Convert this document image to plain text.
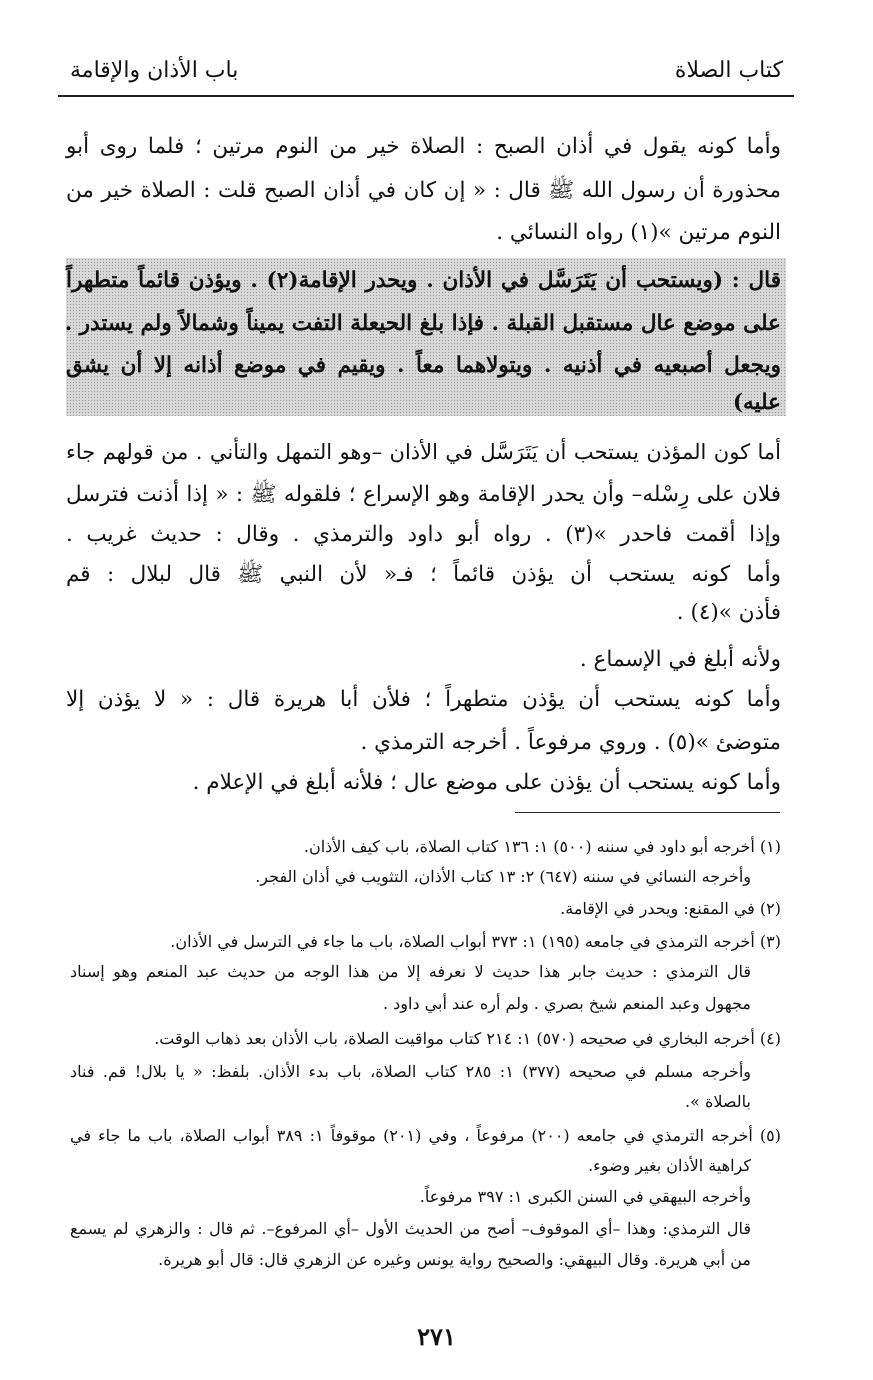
كتاب الصلاة
باب الأذان والإقامة
وأما كونه يقول في أذان الصبح : الصلاة خير من النوم مرتين ؛ فلما روى أبو
محذورة أن رسول الله ﷺ قال : « إن كان في أذان الصبح قلت : الصلاة خير من
النوم مرتين »(١) رواه النسائي .
قال : (ويستحب أن يَتَرَسَّل في الأذان . ويحدر الإقامة(٢) . ويؤذن قائماً متطهراً
على موضع عال مستقبل القبلة . فإذا بلغ الحيعلة التفت يميناً وشمالاً ولم يستدر .
ويجعل أصبعيه في أذنيه . ويتولاهما معاً . ويقيم في موضع أذانه إلا أن يشق
عليه)
أما كون المؤذن يستحب أن يَتَرَسَّل في الأذان –وهو التمهل والتأني . من قولهم جاء
فلان على رِسْله– وأن يحدر الإقامة وهو الإسراع ؛ فلقوله ﷺ : « إذا أذنت فترسل
وإذا أقمت فاحدر »(٣) . رواه أبو داود والترمذي . وقال : حديث غريب .
وأما كونه يستحب أن يؤذن قائماً ؛ فـ« لأن النبي ﷺ قال لبلال : قم
فأذن »(٤) .
ولأنه أبلغ في الإسماع .
وأما كونه يستحب أن يؤذن متطهراً ؛ فلأن أبا هريرة قال : « لا يؤذن إلا
متوضئ »(٥) . وروي مرفوعاً . أخرجه الترمذي .
وأما كونه يستحب أن يؤذن على موضع عال ؛ فلأنه أبلغ في الإعلام .
(١) أخرجه أبو داود في سننه (٥٠٠) ١: ١٣٦ كتاب الصلاة، باب كيف الأذان.
وأخرجه النسائي في سننه (٦٤٧) ٢: ١٣ كتاب الأذان، التثويب في أذان الفجر.
(٢) في المقنع: ويحدر في الإقامة.
(٣) أخرجه الترمذي في جامعه (١٩٥) ١: ٣٧٣ أبواب الصلاة، باب ما جاء في الترسل في الأذان.
قال الترمذي : حديث جابر هذا حديث لا نعرفه إلا من هذا الوجه من حديث عبد المنعم وهو إسناد
مجهول وعبد المنعم شيخ بصري . ولم أره عند أبي داود .
(٤) أخرجه البخاري في صحيحه (٥٧٠) ١: ٢١٤ كتاب مواقيت الصلاة، باب الأذان بعد ذهاب الوقت.
وأخرجه مسلم في صحيحه (٣٧٧) ١: ٢٨٥ كتاب الصلاة، باب بدء الأذان. بلفظ: « يا بلال! قم. فناد
بالصلاة ».
(٥) أخرجه الترمذي في جامعه (٢٠٠) مرفوعاً ، وفي (٢٠١) موقوفاً ١: ٣٨٩ أبواب الصلاة، باب ما جاء في
كراهية الأذان بغير وضوء.
وأخرجه البيهقي في السنن الكبرى ١: ٣٩٧ مرفوعاً.
قال الترمذي: وهذا –أي الموقوف– أصح من الحديث الأول –أي المرفوع–. ثم قال : والزهري لم يسمع
من أبي هريرة. وقال البيهقي: والصحيح رواية يونس وغيره عن الزهري قال: قال أبو هريرة.
٢٧١
